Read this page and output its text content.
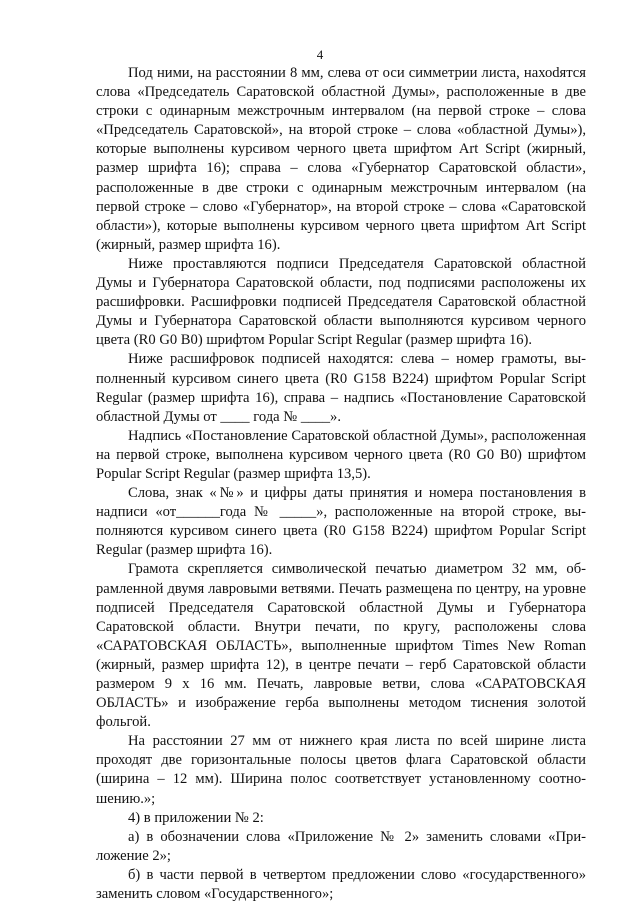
4

Под ними, на расстоянии 8 мм, слева от оси симметрии листа, нахоdятся слова «Председатель Саратовской областной Думы», расположенные в две строки с одинарным межстрочным интервалом (на первой строке – слова «Председатель Саратовской», на второй строке – слова «областной Думы»), которые выполнены курсивом черного цвета шрифтом Art Script (жирный, размер шрифта 16); справа – слова «Губернатор Саратовской области», расположенные в две строки с одинарным межстрочным интервалом (на первой строке – слово «Губернатор», на второй строке – слова «Саратовской области»), которые выполнены курсивом черного цвета шрифтом Art Script (жирный, размер шрифта 16).

Ниже проставляются подписи Председателя Саратовской областной Думы и Губернатора Саратовской области, под подписями расположены их расшифровки. Расшифровки подписей Председателя Саратовской областной Думы и Губернатора Саратовской области выполняются курсивом черного цвета (R0 G0 B0) шрифтом Popular Script Regular (размер шрифта 16).

Ниже расшифровок подписей находятся: слева – номер грамоты, выполненный курсивом синего цвета (R0 G158 B224) шрифтом Popular Script Regular (размер шрифта 16), справа – надпись «Постановление Саратовской областной Думы от ____ года № ____».

Надпись «Постановление Саратовской областной Думы», расположенная на первой строке, выполнена курсивом черного цвета (R0 G0 B0) шрифтом Popular Script Regular (размер шрифта 13,5).

Слова, знак «№» и цифры даты принятия и номера постановления в надписи «от______года № _____», расположенные на второй строке, выполняются курсивом синего цвета (R0 G158 B224) шрифтом Popular Script Regular (размер шрифта 16).

Грамота скрепляется символической печатью диаметром 32 мм, обрамленной двумя лавровыми ветвями. Печать размещена по центру, на уровне подписей Председателя Саратовской областной Думы и Губернатора Саратовской области. Внутри печати, по кругу, расположены слова «САРАТОВСКАЯ ОБЛАСТЬ», выполненные шрифтом Times New Roman (жирный, размер шрифта 12), в центре печати – герб Саратовской области размером 9 х 16 мм. Печать, лавровые ветви, слова «САРАТОВСКАЯ ОБЛАСТЬ» и изображение герба выполнены методом тиснения золотой фольгой.

На расстоянии 27 мм от нижнего края листа по всей ширине листа проходят две горизонтальные полосы цветов флага Саратовской области (ширина – 12 мм). Ширина полос соответствует установленному соотношению.»;

4) в приложении № 2:

а) в обозначении слова «Приложение № 2» заменить словами «Приложение 2»;

б) в части первой в четвертом предложении слово «государственного» заменить словом «Государственного»;
